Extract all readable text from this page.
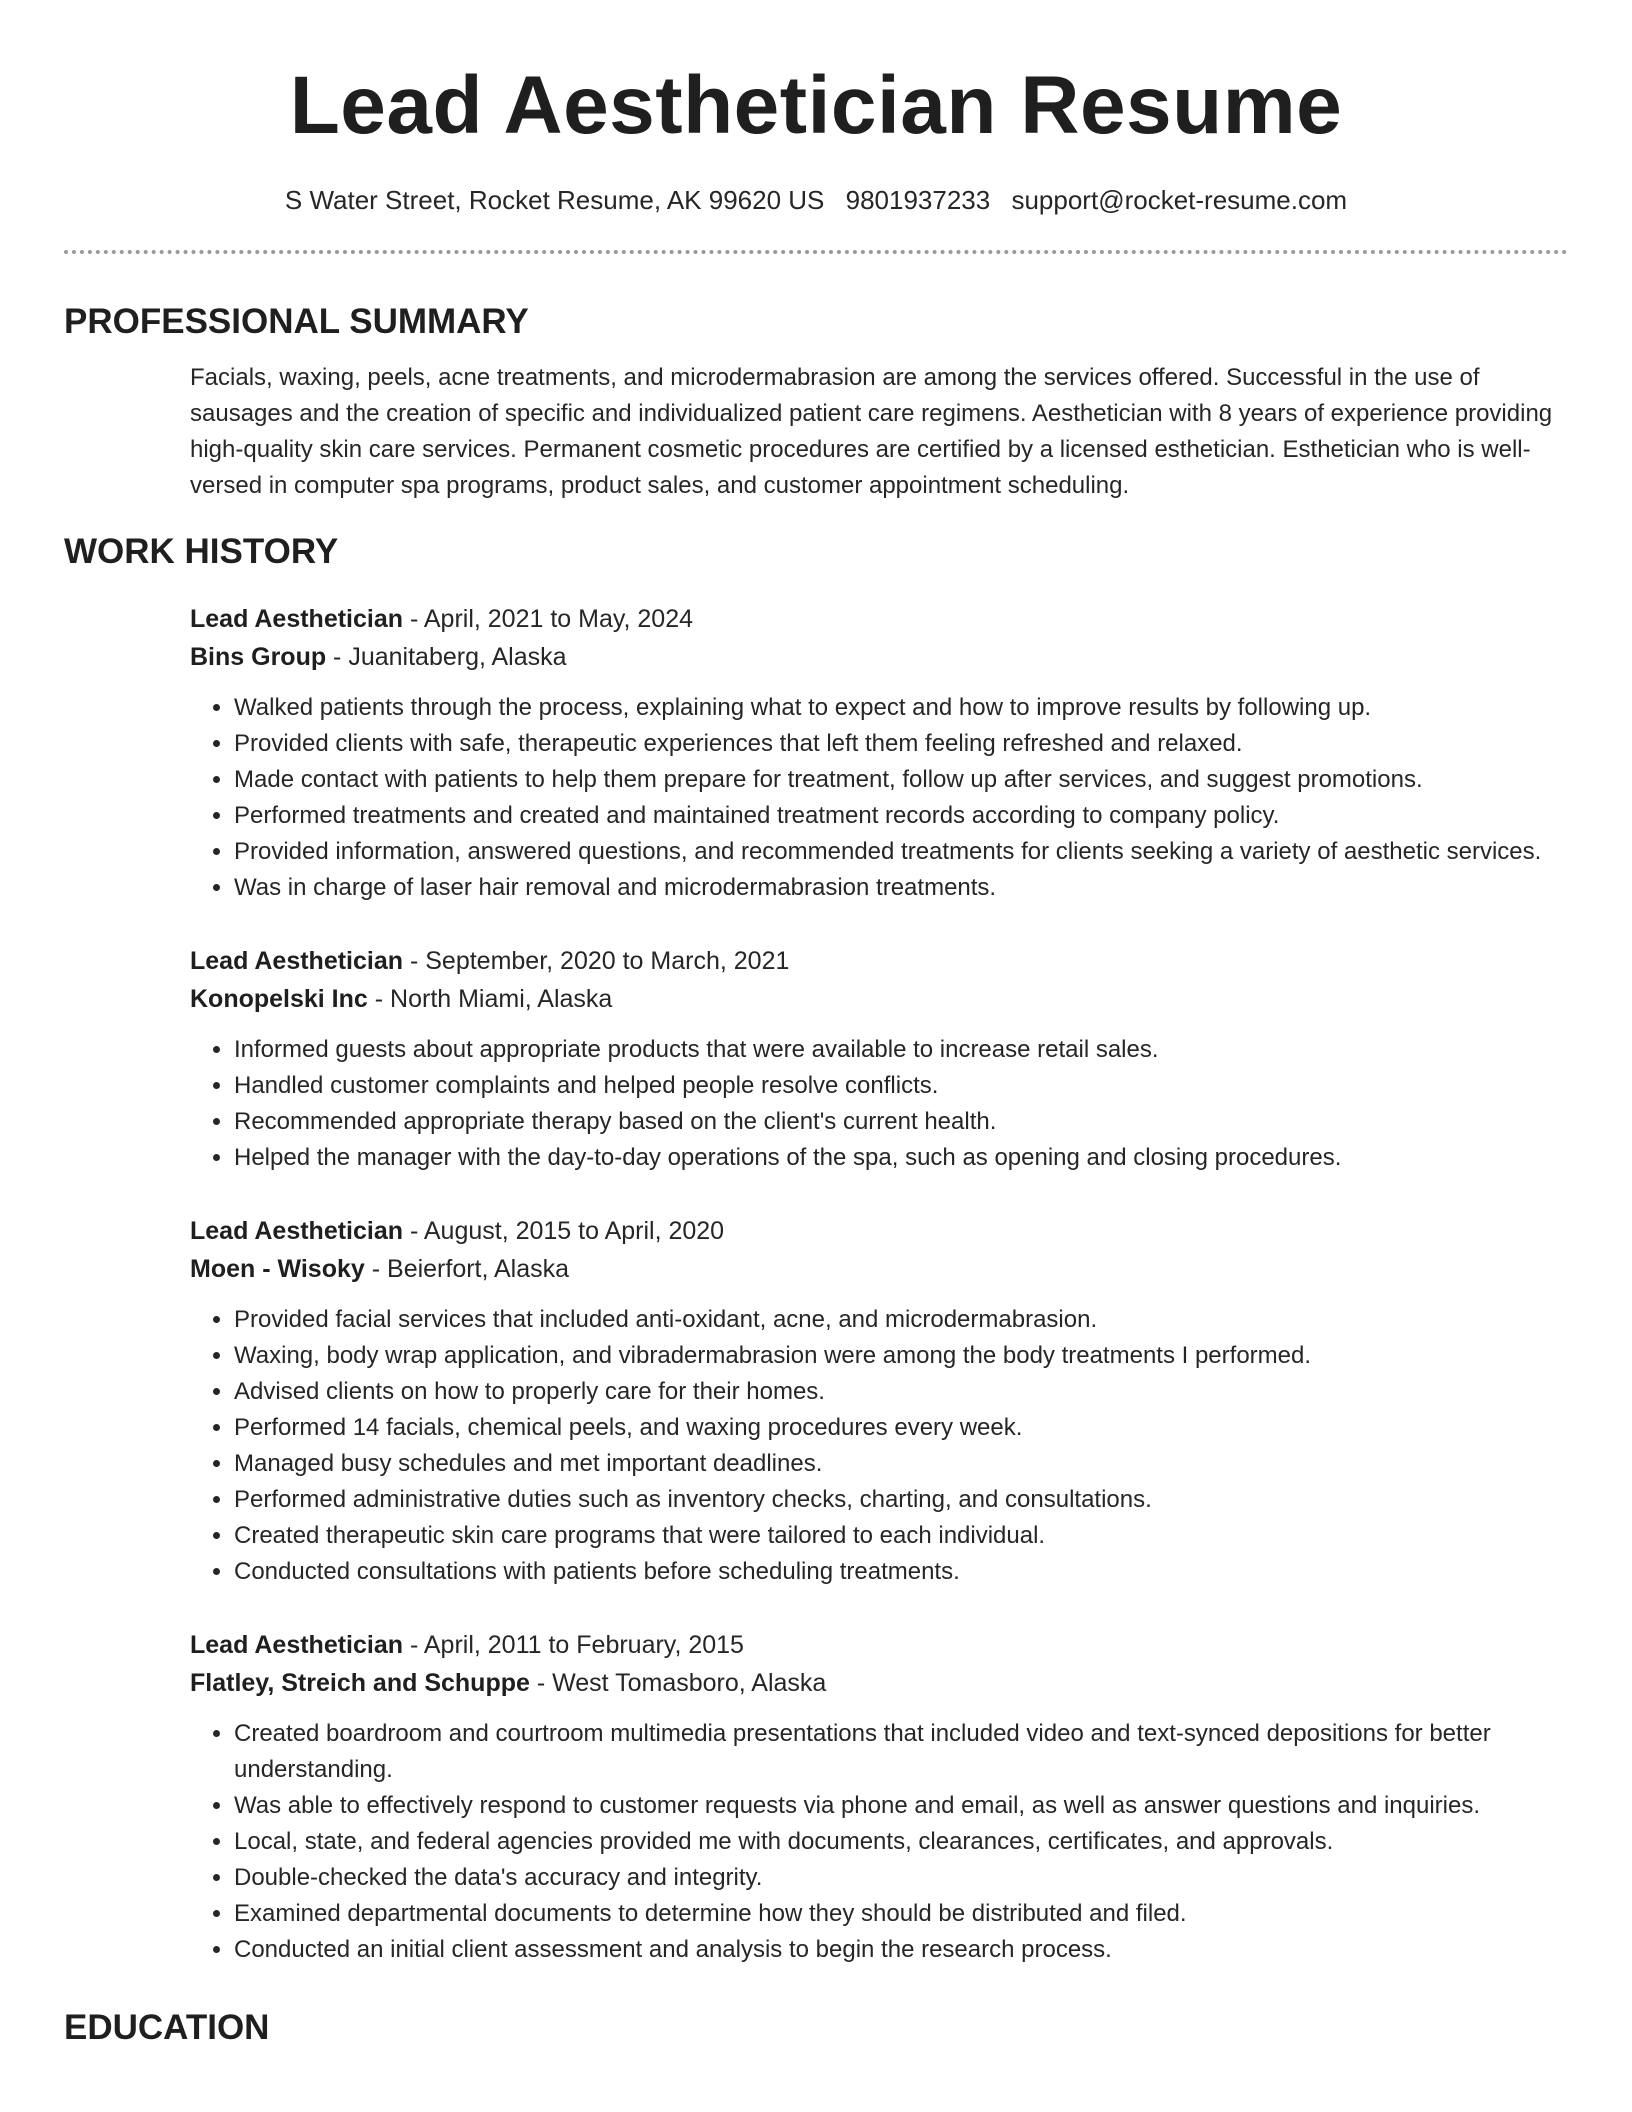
Lead Aesthetician Resume
S Water Street, Rocket Resume, AK 99620 US 9801937233 support@rocket-resume.com
PROFESSIONAL SUMMARY

Facials, waxing, peels, acne treatments, and microdermabrasion are among the services offered. Successful in the use of sausages and the creation of specific and individualized patient care regimens. Aesthetician with 8 years of experience providing high-quality skin care services. Permanent cosmetic procedures are certified by a licensed esthetician. Esthetician who is well-versed in computer spa programs, product sales, and customer appointment scheduling.

WORK HISTORY
Lead Aesthetician - April, 2021 to May, 2024
Bins Group - Juanitaberg, Alaska
• Walked patients through the process, explaining what to expect and how to improve results by following up.
• Provided clients with safe, therapeutic experiences that left them feeling refreshed and relaxed.
• Made contact with patients to help them prepare for treatment, follow up after services, and suggest promotions.
• Performed treatments and created and maintained treatment records according to company policy.
• Provided information, answered questions, and recommended treatments for clients seeking a variety of aesthetic services.
• Was in charge of laser hair removal and microdermabrasion treatments.
Lead Aesthetician - September, 2020 to March, 2021
Konopelski Inc - North Miami, Alaska
• Informed guests about appropriate products that were available to increase retail sales.
• Handled customer complaints and helped people resolve conflicts.
• Recommended appropriate therapy based on the client's current health.
• Helped the manager with the day-to-day operations of the spa, such as opening and closing procedures.
Lead Aesthetician - August, 2015 to April, 2020
Moen - Wisoky - Beierfort, Alaska
• Provided facial services that included anti-oxidant, acne, and microdermabrasion.
• Waxing, body wrap application, and vibradermabrasion were among the body treatments I performed.
• Advised clients on how to properly care for their homes.
• Performed 14 facials, chemical peels, and waxing procedures every week.
• Managed busy schedules and met important deadlines.
• Performed administrative duties such as inventory checks, charting, and consultations.
• Created therapeutic skin care programs that were tailored to each individual.
• Conducted consultations with patients before scheduling treatments.
Lead Aesthetician - April, 2011 to February, 2015
Flatley, Streich and Schuppe - West Tomasboro, Alaska
• Created boardroom and courtroom multimedia presentations that included video and text-synced depositions for better understanding.
• Was able to effectively respond to customer requests via phone and email, as well as answer questions and inquiries.
• Local, state, and federal agencies provided me with documents, clearances, certificates, and approvals.
• Double-checked the data's accuracy and integrity.
• Examined departmental documents to determine how they should be distributed and filed.
• Conducted an initial client assessment and analysis to begin the research process.
EDUCATION
